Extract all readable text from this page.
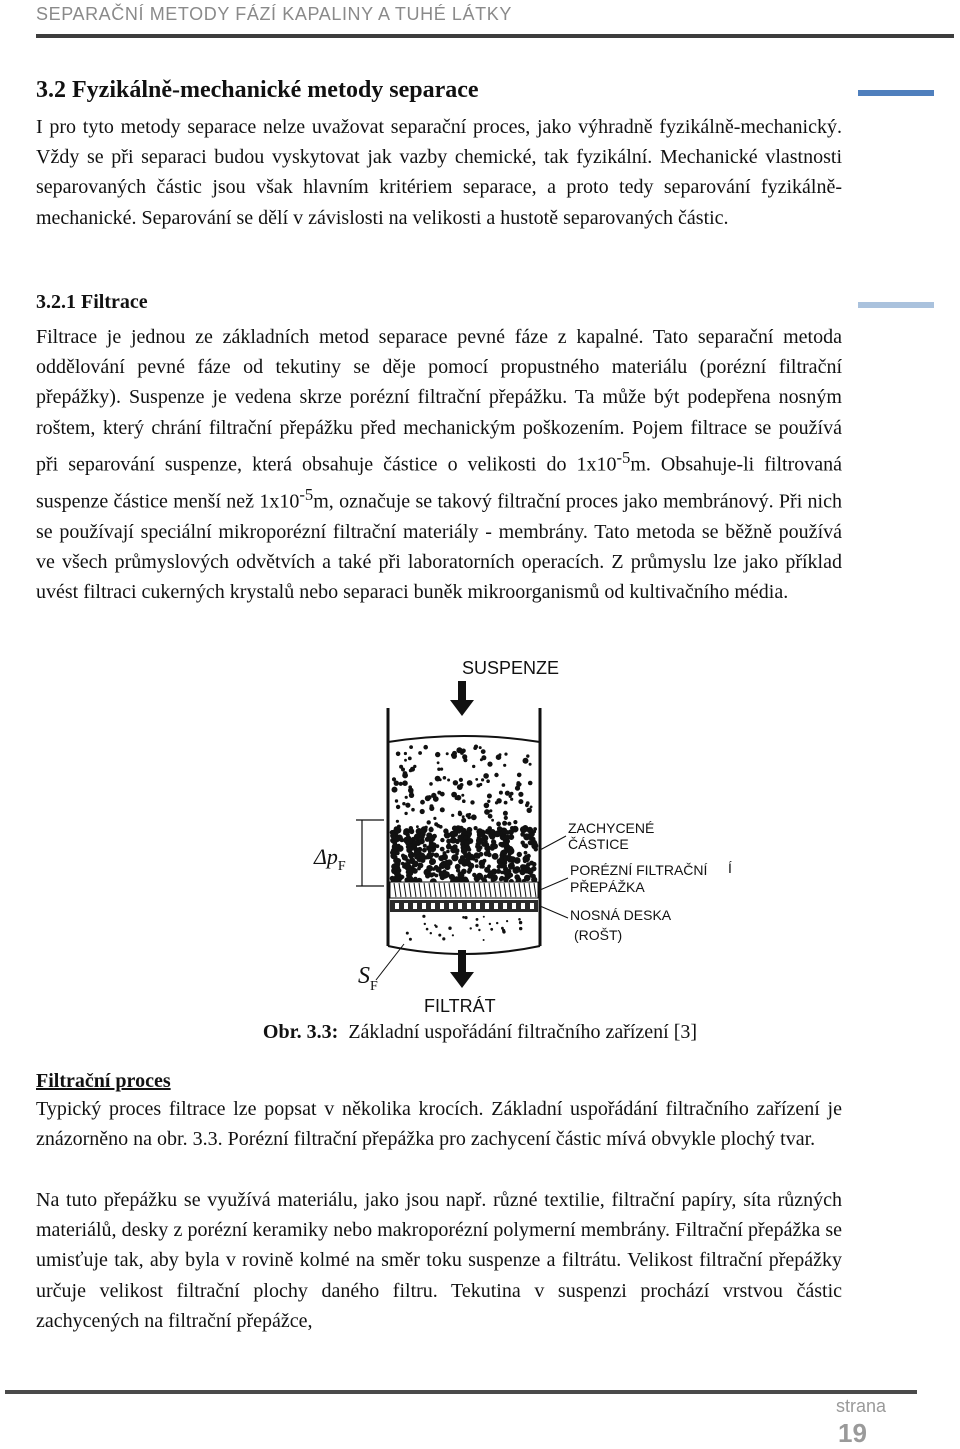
SEPARAČNÍ METODY FÁZÍ KAPALINY A TUHÉ LÁTKY
3.2 Fyzikálně-mechanické metody separace

I pro tyto metody separace nelze uvažovat separační proces, jako výhradně fyzikálně-mechanický. Vždy se při separaci budou vyskytovat jak vazby chemické, tak fyzikální. Mechanické vlastnosti separovaných částic jsou však hlavním kritériem separace, a proto tedy separování fyzikálně-mechanické. Separování se dělí v závislosti na velikosti a hustotě separovaných částic.

3.2.1 Filtrace

Filtrace je jednou ze základních metod separace pevné fáze z kapalné. Tato separační metoda oddělování pevné fáze od tekutiny se děje pomocí propustného materiálu (porézní filtrační přepážky). Suspenze je vedena skrze porézní filtrační přepážku. Ta může být podepřena nosným roštem, který chrání filtrační přepážku před mechanickým poškozením. Pojem filtrace se používá při separování suspenze, která obsahuje částice o velikosti do $1x10^{-5}m$. Obsahuje-li filtrovaná suspenze částice menší než $1x10^{-5}m$, označuje se takový filtrační proces jako membránový. Při nich se používají speciální mikroporézní filtrační materiály - membrány. Tato metoda se běžně používá ve všech průmyslových odvětvích a také při laboratorních operacích. Z průmyslu lze jako příklad uvést filtraci cukerných krystalů nebo separaci buněk mikroorganismů od kultivačního média.

SUSPENZE
$\Delta p_F$
$S_F$
ZACHYCENÉ
ČÁSTICE
PORÉZNÍ FILTRAČNÍ Í
PŘEPÁŽKA
NOSNÁ DESKA
(ROŠT)
FILTRÁT

Obr. 3.3: Základní uspořádání filtračního zařízení [3]

Filtrační proces

Typický proces filtrace lze popsat v několika krocích. Základní uspořádání filtračního zařízení je znázorněno na obr. 3.3. Porézní filtrační přepážka pro zachycení částic mívá obvykle plochý tvar.

Na tuto přepážku se využívá materiálu, jako jsou např. různé textilie, filtrační papíry, síta různých materiálů, desky z porézní keramiky nebo makroporézní polymerní membrány. Filtrační přepážka se umisťuje tak, aby byla v rovině kolmé na směr toku suspenze a filtrátu. Velikost filtrační přepážky určuje velikost filtrační plochy daného filtru. Tekutina v suspenzi prochází vrstvou částic zachycených na filtrační přepážce,

strana
19
